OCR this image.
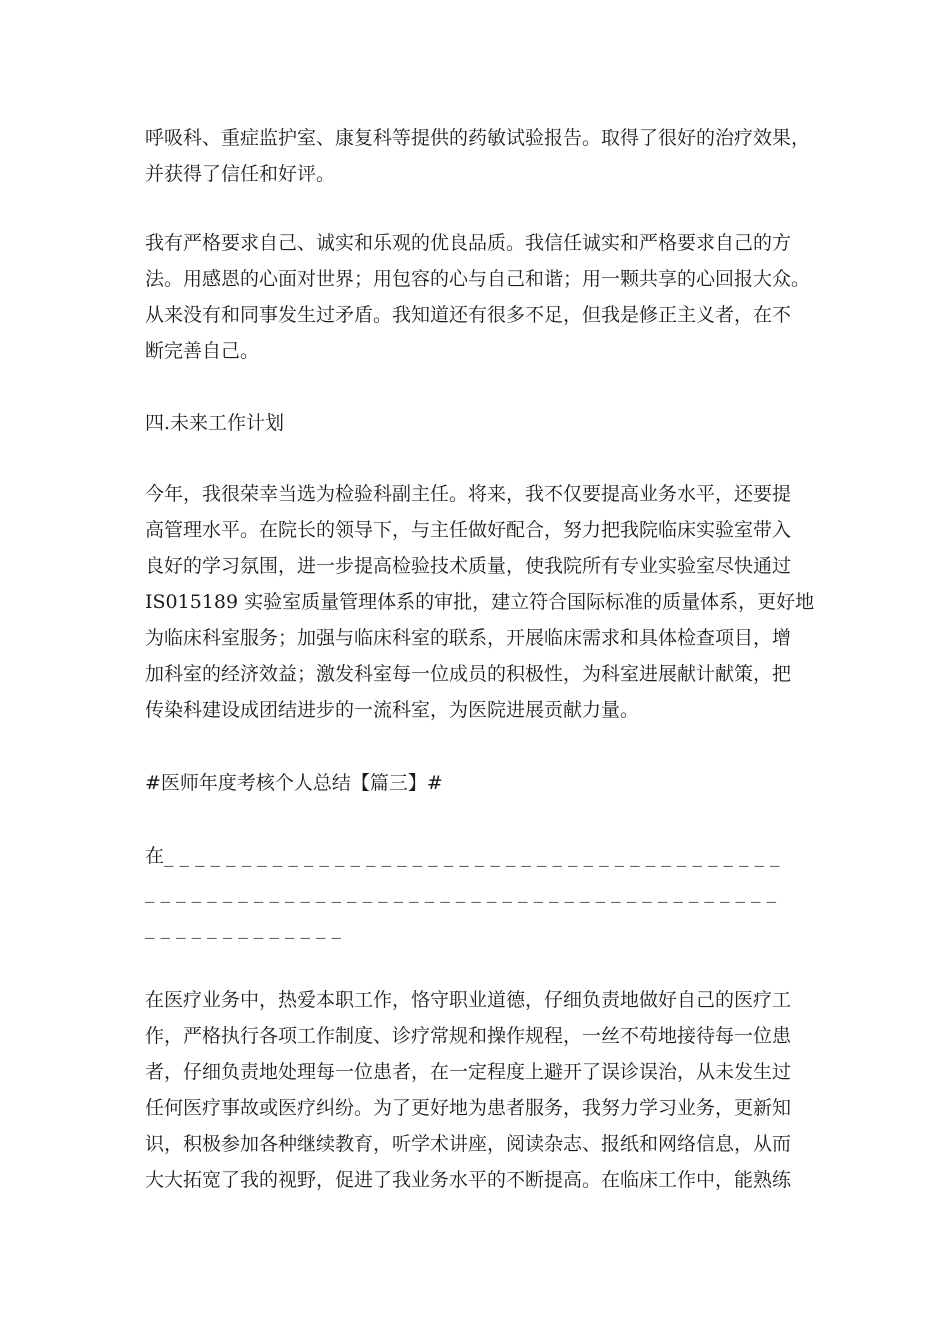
呼吸科、重症监护室、康复科等提供的药敏试验报告。取得了很好的治疗效果，
并获得了信任和好评。

我有严格要求自己、诚实和乐观的优良品质。我信任诚实和严格要求自己的方
法。用感恩的心面对世界；用包容的心与自己和谐；用一颗共享的心回报大众。
从来没有和同事发生过矛盾。我知道还有很多不足，但我是修正主义者，在不
断完善自己。

四.未来工作计划

今年，我很荣幸当选为检验科副主任。将来，我不仅要提高业务水平，还要提
高管理水平。在院长的领导下，与主任做好配合，努力把我院临床实验室带入
良好的学习氛围，进一步提高检验技术质量，使我院所有专业实验室尽快通过
IS015189 实验室质量管理体系的审批，建立符合国际标准的质量体系，更好地
为临床科室服务；加强与临床科室的联系，开展临床需求和具体检查项目，增
加科室的经济效益；激发科室每一位成员的积极性，为科室进展献计献策，把
传染科建设成团结进步的一流科室，为医院进展贡献力量。

#医师年度考核个人总结【篇三】#

在_ _ _ _ _ _ _ _ _ _ _ _ _ _ _ _ _ _ _ _ _ _ _ _ _ _ _ _ _ _ _ _ _ _ _ _ _ _ _ _
_ _ _ _ _ _ _ _ _ _ _ _ _ _ _ _ _ _ _ _ _ _ _ _ _ _ _ _ _ _ _ _ _ _ _ _ _ _ _ _ _
_ _ _ _ _ _ _ _ _ _ _ _ _

在医疗业务中，热爱本职工作，恪守职业道德，仔细负责地做好自己的医疗工
作，严格执行各项工作制度、诊疗常规和操作规程，一丝不苟地接待每一位患
者，仔细负责地处理每一位患者，在一定程度上避开了误诊误治，从未发生过
任何医疗事故或医疗纠纷。为了更好地为患者服务，我努力学习业务，更新知
识，积极参加各种继续教育，听学术讲座，阅读杂志、报纸和网络信息，从而
大大拓宽了我的视野，促进了我业务水平的不断提高。在临床工作中，能熟练
